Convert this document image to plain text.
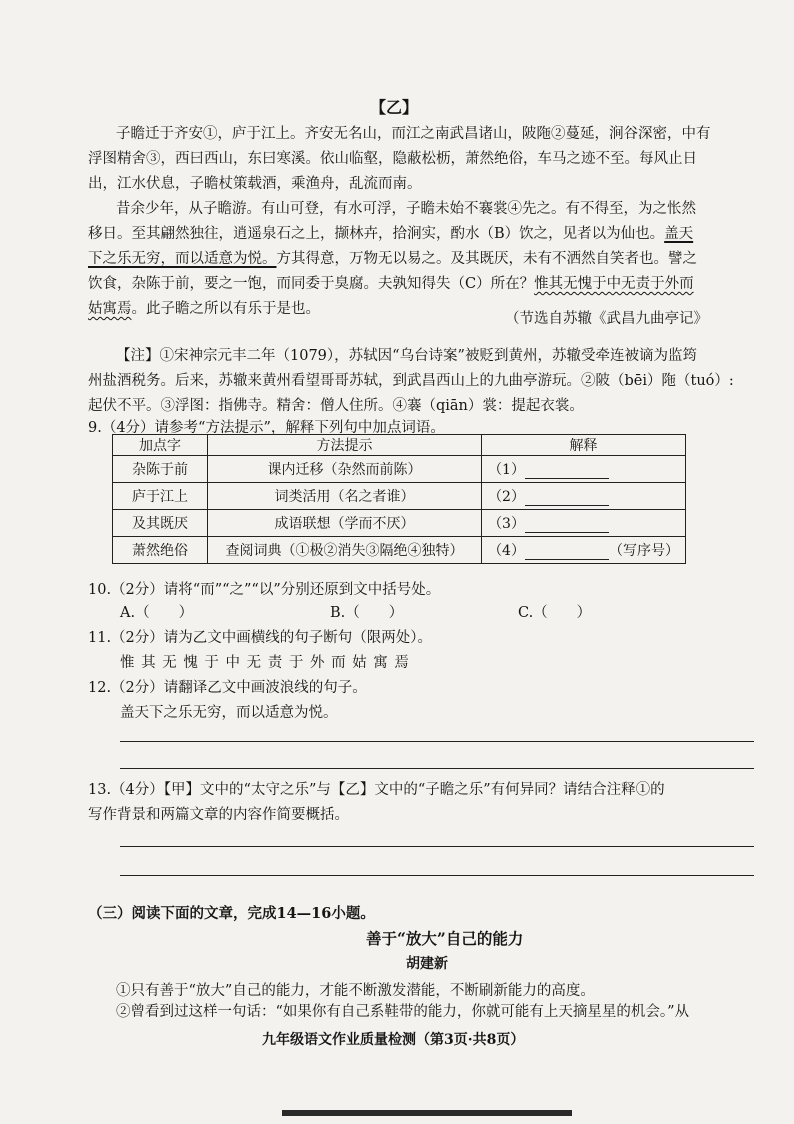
【乙】
子瞻迁于齐安①，庐于江上。齐安无名山，而江之南武昌诸山，陂陁②蔓延，涧谷深密，中有
浮图精舍③，西曰西山，东曰寒溪。依山临壑，隐蔽松枥，萧然绝俗，车马之迹不至。每风止日
出，江水伏息，子瞻杖策载酒，乘渔舟，乱流而南。
昔余少年，从子瞻游。有山可登，有水可浮，子瞻未始不褰裳④先之。有不得至，为之怅然
移日。至其翩然独往，逍遥泉石之上，撷林卉，拾涧实，酌水（B）饮之，见者以为仙也。盖天
下之乐无穷，而以适意为悦。方其得意，万物无以易之。及其既厌，未有不洒然自笑者也。譬之
饮食，杂陈于前，要之一饱，而同委于臭腐。夫孰知得失（C）所在？惟其无愧于中无责于外而
姑寓焉。此子瞻之所以有乐于是也。
（节选自苏辙《武昌九曲亭记》
【注】①宋神宗元丰二年（1079），苏轼因“乌台诗案”被贬到黄州，苏辙受牵连被谪为监筠
州盐酒税务。后来，苏辙来黄州看望哥哥苏轼，到武昌西山上的九曲亭游玩。②陂（bēi）陁（tuó）:
起伏不平。③浮图：指佛寺。精舍：僧人住所。④褰（qiān）裳：提起衣裳。
9.（4分）请参考“方法提示”，解释下列句中加点词语。
加点字	方法提示	解释
杂陈于前	课内迁移（杂然而前陈）	（1）
庐于江上	词类活用（名之者谁）	（2）
及其既厌	成语联想（学而不厌）	（3）
萧然绝俗	查阅词典（①极②消失③隔绝④独特）	（4） （写序号）
10.（2分）请将“而”“之”“以”分别还原到文中括号处。
A.（　　）	B.（　　）	C.（　　）
11.（2分）请为乙文中画横线的句子断句（限两处）。
惟 其 无 愧 于 中 无 责 于 外 而 姑 寓 焉
12.（2分）请翻译乙文中画波浪线的句子。
盖天下之乐无穷，而以适意为悦。
13.（4分）【甲】文中的“太守之乐”与【乙】文中的“子瞻之乐”有何异同？请结合注释①的
写作背景和两篇文章的内容作简要概括。
（三）阅读下面的文章，完成14—16小题。
善于“放大”自己的能力
胡建新
①只有善于“放大”自己的能力，才能不断激发潜能，不断刷新能力的高度。
②曾看到过这样一句话：“如果你有自己系鞋带的能力，你就可能有上天摘星星的机会。”从
九年级语文作业质量检测（第3页·共8页）
